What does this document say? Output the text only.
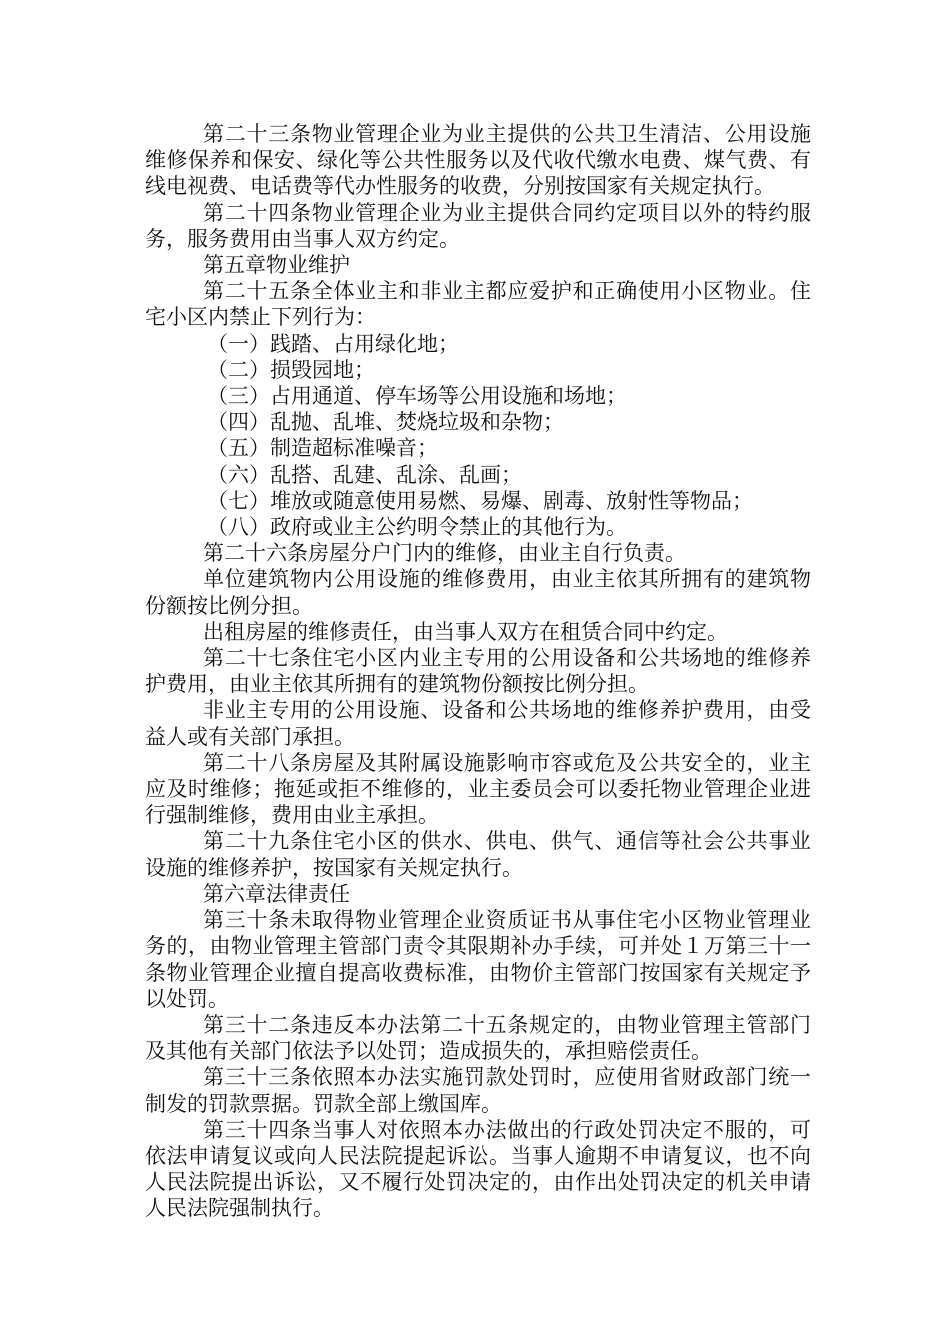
第二十三条物业管理企业为业主提供的公共卫生清洁、公用设施维修保养和保安、绿化等公共性服务以及代收代缴水电费、煤气费、有线电视费、电话费等代办性服务的收费，分别按国家有关规定执行。

第二十四条物业管理企业为业主提供合同约定项目以外的特约服务，服务费用由当事人双方约定。

第五章物业维护

第二十五条全体业主和非业主都应爱护和正确使用小区物业。住宅小区内禁止下列行为：

（一）践踏、占用绿化地；

（二）损毁园地；

（三）占用通道、停车场等公用设施和场地；

（四）乱抛、乱堆、焚烧垃圾和杂物；

（五）制造超标准噪音；

（六）乱搭、乱建、乱涂、乱画；

（七）堆放或随意使用易燃、易爆、剧毒、放射性等物品；

（八）政府或业主公约明令禁止的其他行为。

第二十六条房屋分户门内的维修，由业主自行负责。

单位建筑物内公用设施的维修费用，由业主依其所拥有的建筑物份额按比例分担。

出租房屋的维修责任，由当事人双方在租赁合同中约定。

第二十七条住宅小区内业主专用的公用设备和公共场地的维修养护费用，由业主依其所拥有的建筑物份额按比例分担。

非业主专用的公用设施、设备和公共场地的维修养护费用，由受益人或有关部门承担。

第二十八条房屋及其附属设施影响市容或危及公共安全的，业主应及时维修；拖延或拒不维修的，业主委员会可以委托物业管理企业进行强制维修，费用由业主承担。

第二十九条住宅小区的供水、供电、供气、通信等社会公共事业设施的维修养护，按国家有关规定执行。

第六章法律责任

第三十条未取得物业管理企业资质证书从事住宅小区物业管理业务的，由物业管理主管部门责令其限期补办手续，可并处１万第三十一条物业管理企业擅自提高收费标准，由物价主管部门按国家有关规定予以处罚。

第三十二条违反本办法第二十五条规定的，由物业管理主管部门及其他有关部门依法予以处罚；造成损失的，承担赔偿责任。

第三十三条依照本办法实施罚款处罚时，应使用省财政部门统一制发的罚款票据。罚款全部上缴国库。

第三十四条当事人对依照本办法做出的行政处罚决定不服的，可依法申请复议或向人民法院提起诉讼。当事人逾期不申请复议，也不向人民法院提出诉讼，又不履行处罚决定的，由作出处罚决定的机关申请人民法院强制执行。
